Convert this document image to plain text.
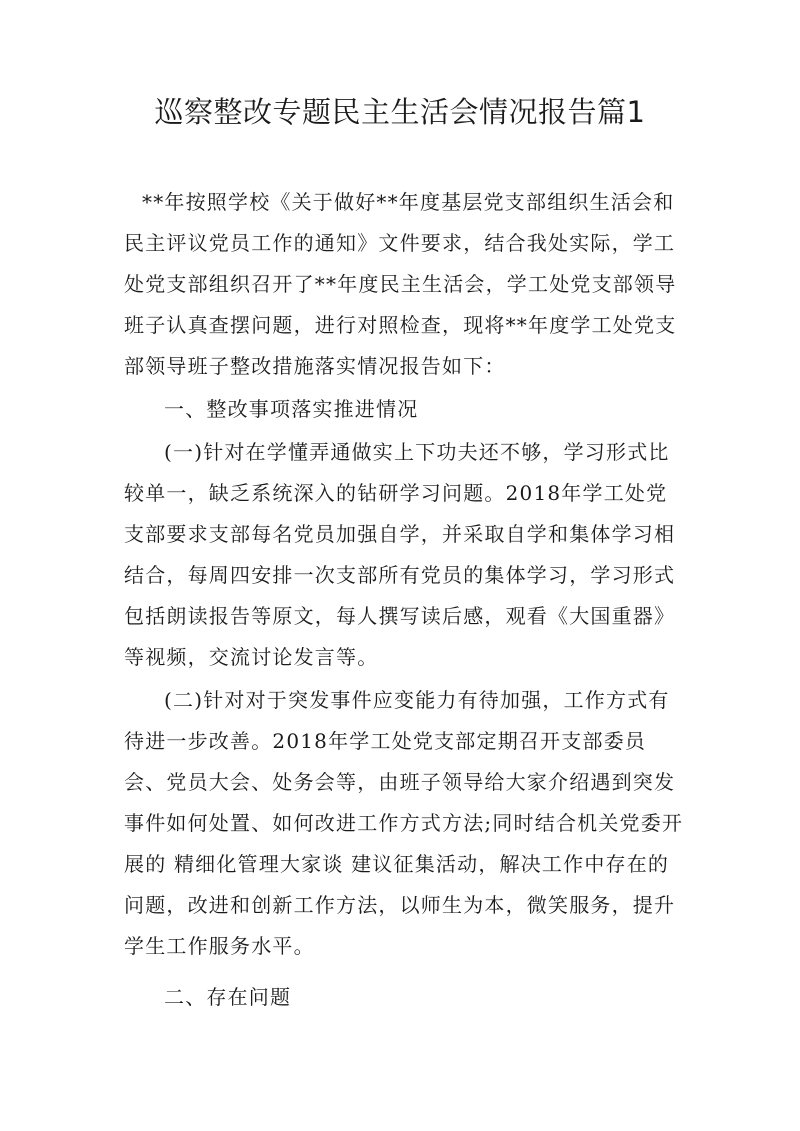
巡察整改专题民主生活会情况报告篇1

**年按照学校《关于做好**年度基层党支部组织生活会和民主评议党员工作的通知》文件要求，结合我处实际，学工处党支部组织召开了**年度民主生活会，学工处党支部领导班子认真查摆问题，进行对照检查，现将**年度学工处党支部领导班子整改措施落实情况报告如下：

一、整改事项落实推进情况

(一)针对在学懂弄通做实上下功夫还不够，学习形式比较单一，缺乏系统深入的钻研学习问题。2018年学工处党支部要求支部每名党员加强自学，并采取自学和集体学习相结合，每周四安排一次支部所有党员的集体学习，学习形式包括朗读报告等原文，每人撰写读后感，观看《大国重器》等视频，交流讨论发言等。

(二)针对对于突发事件应变能力有待加强，工作方式有待进一步改善。2018年学工处党支部定期召开支部委员会、党员大会、处务会等，由班子领导给大家介绍遇到突发事件如何处置、如何改进工作方式方法;同时结合机关党委开展的 精细化管理大家谈 建议征集活动，解决工作中存在的问题，改进和创新工作方法，以师生为本，微笑服务，提升学生工作服务水平。

二、存在问题
